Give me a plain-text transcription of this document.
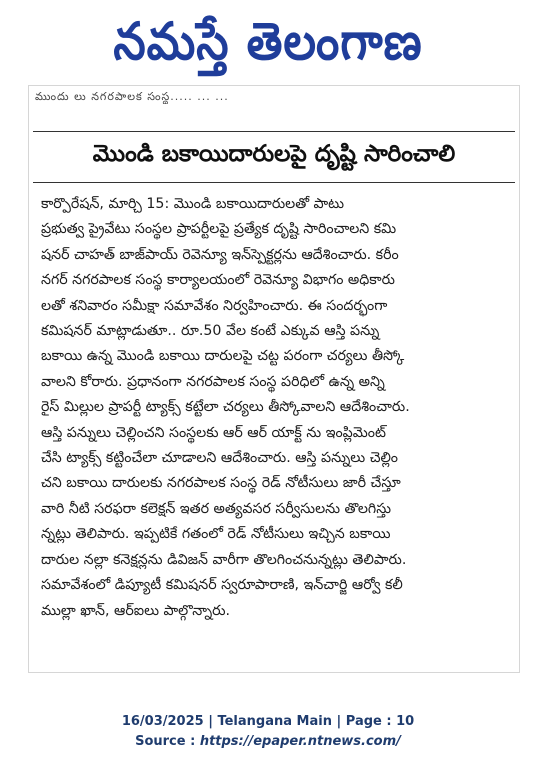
నమస్తే తెలంగాణ
ముందు లు నగరపాలక సంస్థ..... ... ...
మొండి బకాయిదారులపై దృష్టి సారించాలి
కార్పొరేషన్, మార్చి 15: మొండి బకాయిదారులతో పాటు
ప్రభుత్వ ప్రైవేటు సంస్థల ప్రాపర్టీలపై ప్రత్యేక దృష్టి సారించాలని కమి
షనర్ చాహత్ బాజ్‌పాయ్ రెవెన్యూ ఇన్‌స్పెక్టర్లను ఆదేశించారు. కరీం
నగర్ నగరపాలక సంస్థ కార్యాలయంలో రెవెన్యూ విభాగం అధికారు
లతో శనివారం సమీక్షా సమావేశం నిర్వహించారు. ఈ సందర్భంగా
కమిషనర్ మాట్లాడుతూ.. రూ.50 వేల కంటే ఎక్కువ ఆస్తి పన్ను
బకాయి ఉన్న మొండి బకాయి దారులపై చట్ట పరంగా చర్యలు తీస్కో
వాలని కోరారు. ప్రధానంగా నగరపాలక సంస్థ పరిధిలో ఉన్న అన్ని
రైస్ మిల్లుల ప్రాపర్టీ ట్యాక్స్ కట్టేలా చర్యలు తీస్కోవాలని ఆదేశించారు.
ఆస్తి పన్నులు చెల్లించని సంస్థలకు ఆర్ ఆర్ యాక్ట్ ను ఇంప్లిమెంట్
చేసి ట్యాక్స్ కట్టించేలా చూడాలని ఆదేశించారు. ఆస్తి పన్నులు చెల్లిం
చని బకాయి దారులకు నగరపాలక సంస్థ రెడ్ నోటీసులు జారీ చేస్తూ
వారి నీటి సరఫరా కలెక్షన్ ఇతర అత్యవసర సర్వీసులను తొలగిస్తు
న్నట్లు తెలిపారు. ఇప్పటికే గతంలో రెడ్ నోటీసులు ఇచ్చిన బకాయి
దారుల నల్లా కనెక్షన్లను డివిజన్ వారీగా తొలగించనున్నట్లు తెలిపారు.
సమావేశంలో డిప్యూటీ కమిషనర్ స్వరూపారాణి, ఇన్‌చార్జి ఆర్వో కలీ
ముల్లా ఖాన్, ఆర్ఐలు పాల్గొన్నారు.
16/03/2025 | Telangana Main | Page : 10
Source : https://epaper.ntnews.com/
